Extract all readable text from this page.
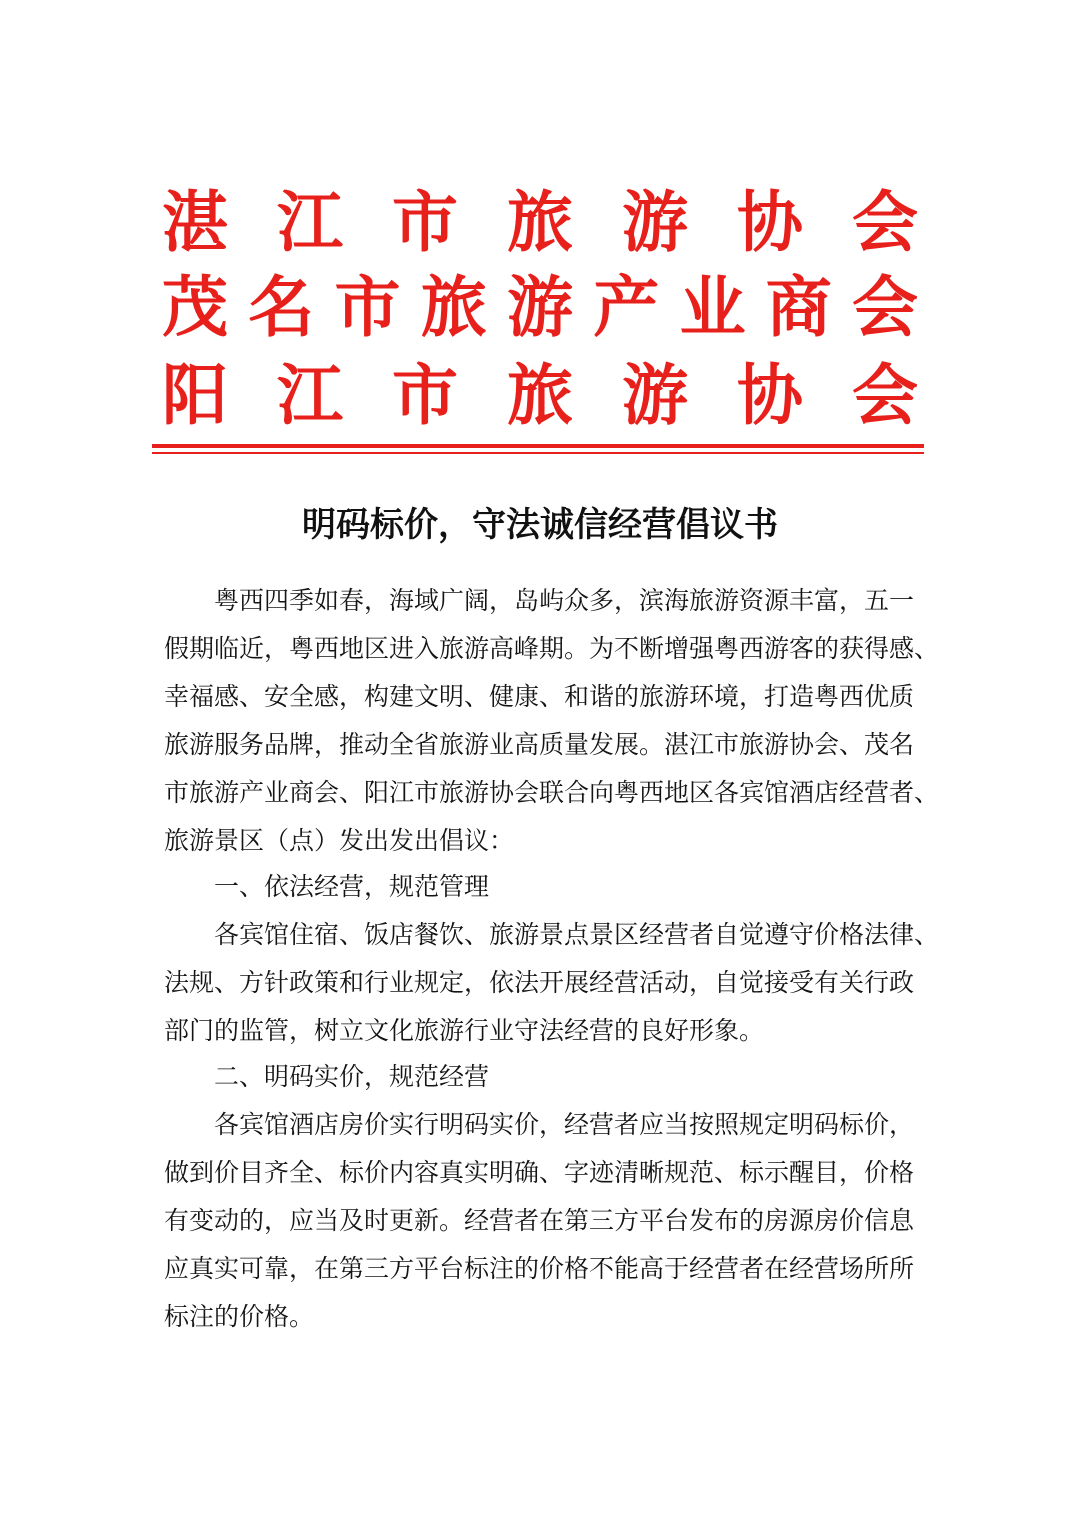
湛 江 市 旅 游 协 会
茂 名 市 旅 游 产 业 商 会
阳 江 市 旅 游 协 会
明码标价，守法诚信经营倡议书
粤西四季如春，海域广阔，岛屿众多，滨海旅游资源丰富，五一
假期临近，粤西地区进入旅游高峰期。为不断增强粤西游客的获得感、
幸福感、安全感，构建文明、健康、和谐的旅游环境，打造粤西优质
旅游服务品牌，推动全省旅游业高质量发展。湛江市旅游协会、茂名
市旅游产业商会、阳江市旅游协会联合向粤西地区各宾馆酒店经营者、
旅游景区（点）发出发出倡议：
一、依法经营，规范管理
各宾馆住宿、饭店餐饮、旅游景点景区经营者自觉遵守价格法律、
法规、方针政策和行业规定，依法开展经营活动，自觉接受有关行政
部门的监管，树立文化旅游行业守法经营的良好形象。
二、明码实价，规范经营
各宾馆酒店房价实行明码实价，经营者应当按照规定明码标价，
做到价目齐全、标价内容真实明确、字迹清晰规范、标示醒目，价格
有变动的，应当及时更新。经营者在第三方平台发布的房源房价信息
应真实可靠，在第三方平台标注的价格不能高于经营者在经营场所所
标注的价格。
